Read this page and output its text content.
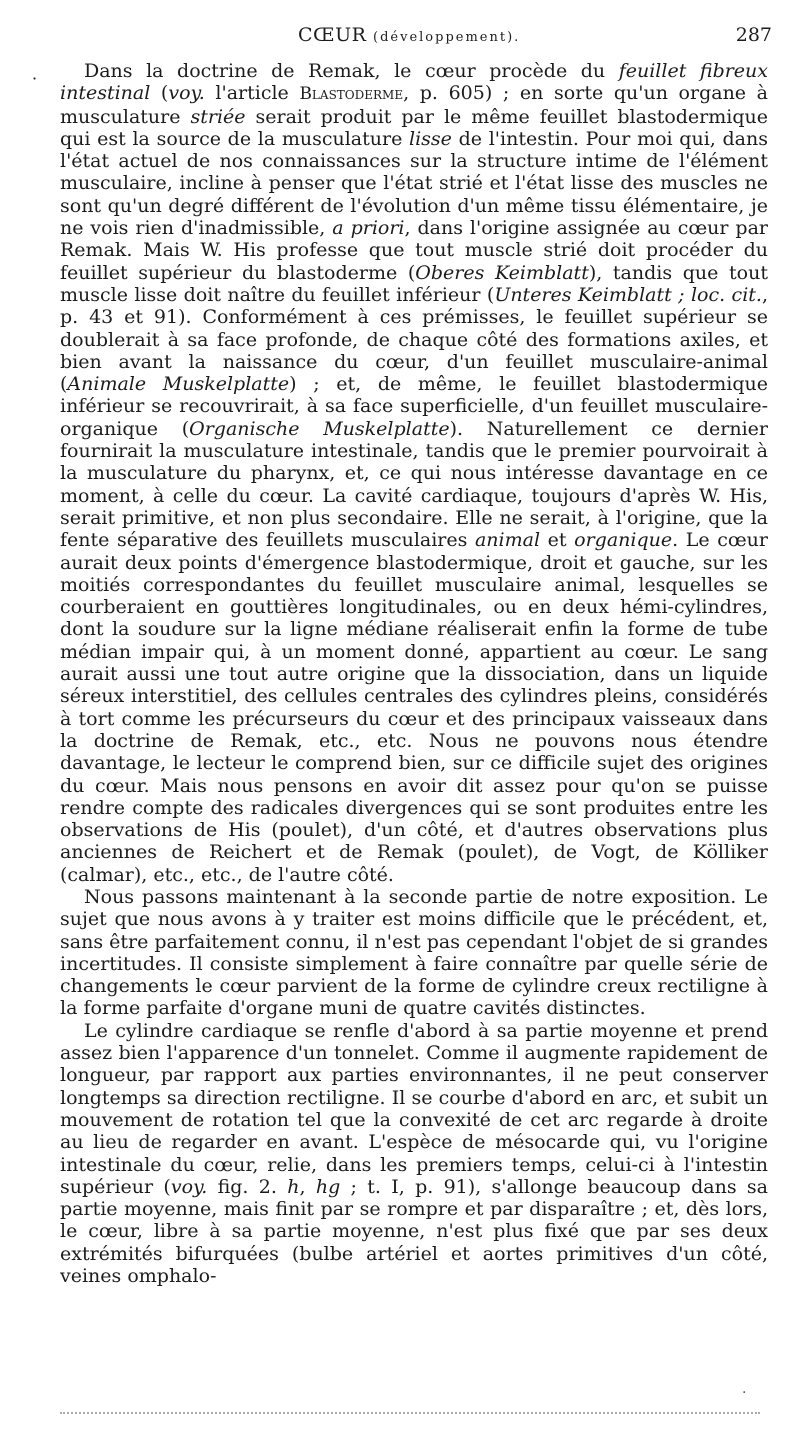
CŒUR (développement).	287
·	Dans la doctrine de Remak, le cœur procède du feuillet fibreux intestinal (voy. l'article Blastoderme, p. 605) ; en sorte qu'un organe à musculature striée serait produit par le même feuillet blastodermique qui est la source de la musculature lisse de l'intestin. Pour moi qui, dans l'état actuel de nos connaissances sur la structure intime de l'élément musculaire, incline à penser que l'état strié et l'état lisse des muscles ne sont qu'un degré différent de l'évolution d'un même tissu élémentaire, je ne vois rien d'inadmissible, a priori, dans l'origine assignée au cœur par Remak. Mais W. His professe que tout muscle strié doit procéder du feuillet supérieur du blastoderme (Oberes Keimblatt), tandis que tout muscle lisse doit naître du feuillet inférieur (Unteres Keimblatt ; loc. cit., p. 43 et 91). Conformément à ces prémisses, le feuillet supérieur se doublerait à sa face profonde, de chaque côté des formations axiles, et bien avant la naissance du cœur, d'un feuillet musculaire-animal (Animale Muskelplatte) ; et, de même, le feuillet blastodermique inférieur se recouvrirait, à sa face superficielle, d'un feuillet musculaire-organique (Organische Muskelplatte). Naturellement ce dernier fournirait la musculature intestinale, tandis que le premier pourvoirait à la musculature du pharynx, et, ce qui nous intéresse davantage en ce moment, à celle du cœur. La cavité cardiaque, toujours d'après W. His, serait primitive, et non plus secondaire. Elle ne serait, à l'origine, que la fente séparative des feuillets musculaires animal et organique. Le cœur aurait deux points d'émergence blastodermique, droit et gauche, sur les moitiés correspondantes du feuillet musculaire animal, lesquelles se courberaient en gouttières longitudinales, ou en deux hémi-cylindres, dont la soudure sur la ligne médiane réaliserait enfin la forme de tube médian impair qui, à un moment donné, appartient au cœur. Le sang aurait aussi une tout autre origine que la dissociation, dans un liquide séreux interstitiel, des cellules centrales des cylindres pleins, considérés à tort comme les précurseurs du cœur et des principaux vaisseaux dans la doctrine de Remak, etc., etc. Nous ne pouvons nous étendre davantage, le lecteur le comprend bien, sur ce difficile sujet des origines du cœur. Mais nous pensons en avoir dit assez pour qu'on se puisse rendre compte des radicales divergences qui se sont produites entre les observations de His (poulet), d'un côté, et d'autres observations plus anciennes de Reichert et de Remak (poulet), de Vogt, de Kölliker (calmar), etc., etc., de l'autre côté.

Nous passons maintenant à la seconde partie de notre exposition. Le sujet que nous avons à y traiter est moins difficile que le précédent, et, sans être parfaitement connu, il n'est pas cependant l'objet de si grandes incertitudes. Il consiste simplement à faire connaître par quelle série de changements le cœur parvient de la forme de cylindre creux rectiligne à la forme parfaite d'organe muni de quatre cavités distinctes.

Le cylindre cardiaque se renfle d'abord à sa partie moyenne et prend assez bien l'apparence d'un tonnelet. Comme il augmente rapidement de longueur, par rapport aux parties environnantes, il ne peut conserver longtemps sa direction rectiligne. Il se courbe d'abord en arc, et subit un mouvement de rotation tel que la convexité de cet arc regarde à droite au lieu de regarder en avant. L'espèce de mésocarde qui, vu l'origine intestinale du cœur, relie, dans les premiers temps, celui-ci à l'intestin supérieur (voy. fig. 2. h, hg ; t. I, p. 91), s'allonge beaucoup dans sa partie moyenne, mais finit par se rompre et par disparaître ; et, dès lors, le cœur, libre à sa partie moyenne, n'est plus fixé que par ses deux extrémités bifurquées (bulbe artériel et aortes primitives d'un côté, veines omphalo-

·
